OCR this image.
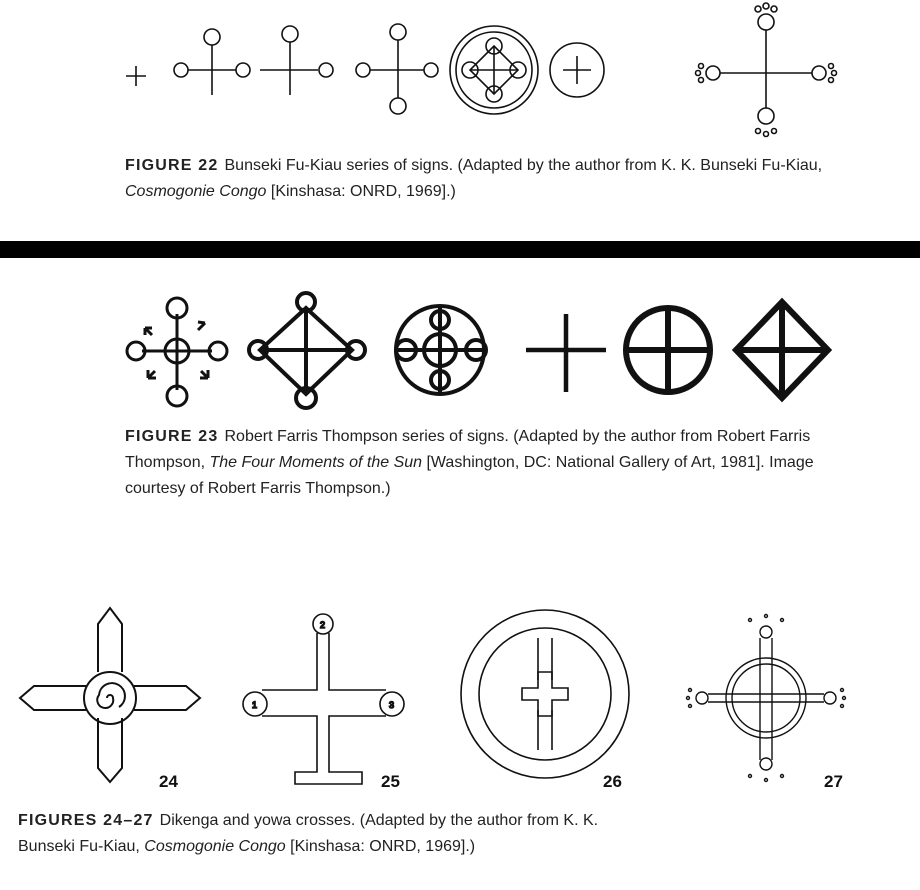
FIGURE 22 Bunseki Fu-Kiau series of signs. (Adapted by the author from K. K. Bunseki Fu-Kiau, Cosmogonie Congo [Kinshasa: ONRD, 1969].)
FIGURE 23 Robert Farris Thompson series of signs. (Adapted by the author from Robert Farris Thompson, The Four Moments of the Sun [Washington, DC: National Gallery of Art, 1981]. Image courtesy of Robert Farris Thompson.)
2
1	3
24	25	26	27
FIGURES 24–27 Dikenga and yowa crosses. (Adapted by the author from K. K. Bunseki Fu-Kiau, Cosmogonie Congo [Kinshasa: ONRD, 1969].)
